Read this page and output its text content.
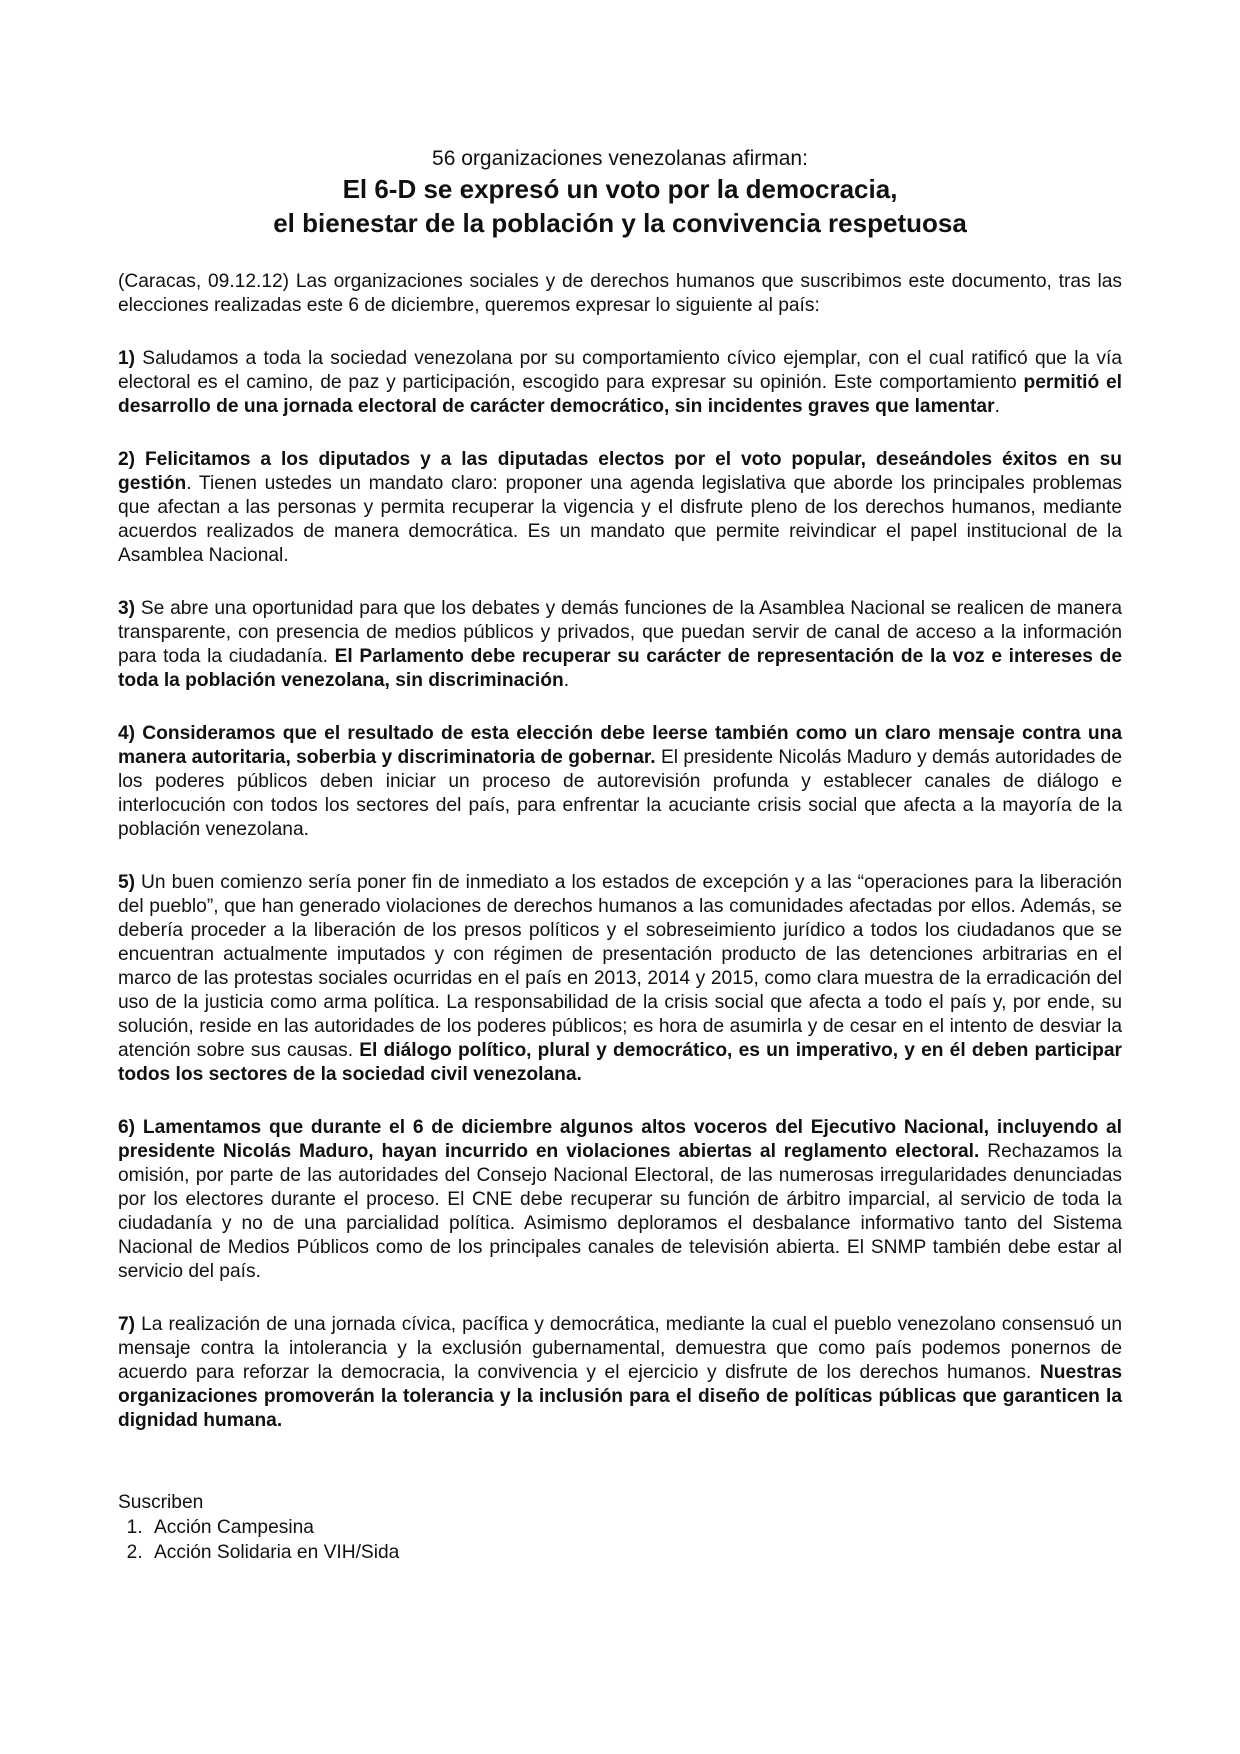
56 organizaciones venezolanas afirman:
El 6-D se expresó un voto por la democracia,
el bienestar de la población y la convivencia respetuosa

(Caracas, 09.12.12) Las organizaciones sociales y de derechos humanos que suscribimos este documento, tras las elecciones realizadas este 6 de diciembre, queremos expresar lo siguiente al país:

1) Saludamos a toda la sociedad venezolana por su comportamiento cívico ejemplar, con el cual ratificó que la vía electoral es el camino, de paz y participación, escogido para expresar su opinión. Este comportamiento permitió el desarrollo de una jornada electoral de carácter democrático, sin incidentes graves que lamentar.

2) Felicitamos a los diputados y a las diputadas electos por el voto popular, deseándoles éxitos en su gestión. Tienen ustedes un mandato claro: proponer una agenda legislativa que aborde los principales problemas que afectan a las personas y permita recuperar la vigencia y el disfrute pleno de los derechos humanos, mediante acuerdos realizados de manera democrática. Es un mandato que permite reivindicar el papel institucional de la Asamblea Nacional.

3) Se abre una oportunidad para que los debates y demás funciones de la Asamblea Nacional se realicen de manera transparente, con presencia de medios públicos y privados, que puedan servir de canal de acceso a la información para toda la ciudadanía. El Parlamento debe recuperar su carácter de representación de la voz e intereses de toda la población venezolana, sin discriminación.

4) Consideramos que el resultado de esta elección debe leerse también como un claro mensaje contra una manera autoritaria, soberbia y discriminatoria de gobernar. El presidente Nicolás Maduro y demás autoridades de los poderes públicos deben iniciar un proceso de autorevisión profunda y establecer canales de diálogo e interlocución con todos los sectores del país, para enfrentar la acuciante crisis social que afecta a la mayoría de la población venezolana.

5) Un buen comienzo sería poner fin de inmediato a los estados de excepción y a las “operaciones para la liberación del pueblo”, que han generado violaciones de derechos humanos a las comunidades afectadas por ellos. Además, se debería proceder a la liberación de los presos políticos y el sobreseimiento jurídico a todos los ciudadanos que se encuentran actualmente imputados y con régimen de presentación producto de las detenciones arbitrarias en el marco de las protestas sociales ocurridas en el país en 2013, 2014 y 2015, como clara muestra de la erradicación del uso de la justicia como arma política. La responsabilidad de la crisis social que afecta a todo el país y, por ende, su solución, reside en las autoridades de los poderes públicos; es hora de asumirla y de cesar en el intento de desviar la atención sobre sus causas. El diálogo político, plural y democrático, es un imperativo, y en él deben participar todos los sectores de la sociedad civil venezolana.

6) Lamentamos que durante el 6 de diciembre algunos altos voceros del Ejecutivo Nacional, incluyendo al presidente Nicolás Maduro, hayan incurrido en violaciones abiertas al reglamento electoral. Rechazamos la omisión, por parte de las autoridades del Consejo Nacional Electoral, de las numerosas irregularidades denunciadas por los electores durante el proceso. El CNE debe recuperar su función de árbitro imparcial, al servicio de toda la ciudadanía y no de una parcialidad política. Asimismo deploramos el desbalance informativo tanto del Sistema Nacional de Medios Públicos como de los principales canales de televisión abierta. El SNMP también debe estar al servicio del país.

7) La realización de una jornada cívica, pacífica y democrática, mediante la cual el pueblo venezolano consensuó un mensaje contra la intolerancia y la exclusión gubernamental, demuestra que como país podemos ponernos de acuerdo para reforzar la democracia, la convivencia y el ejercicio y disfrute de los derechos humanos. Nuestras organizaciones promoverán la tolerancia y la inclusión para el diseño de políticas públicas que garanticen la dignidad humana.

Suscriben
1. Acción Campesina
2. Acción Solidaria en VIH/Sida
